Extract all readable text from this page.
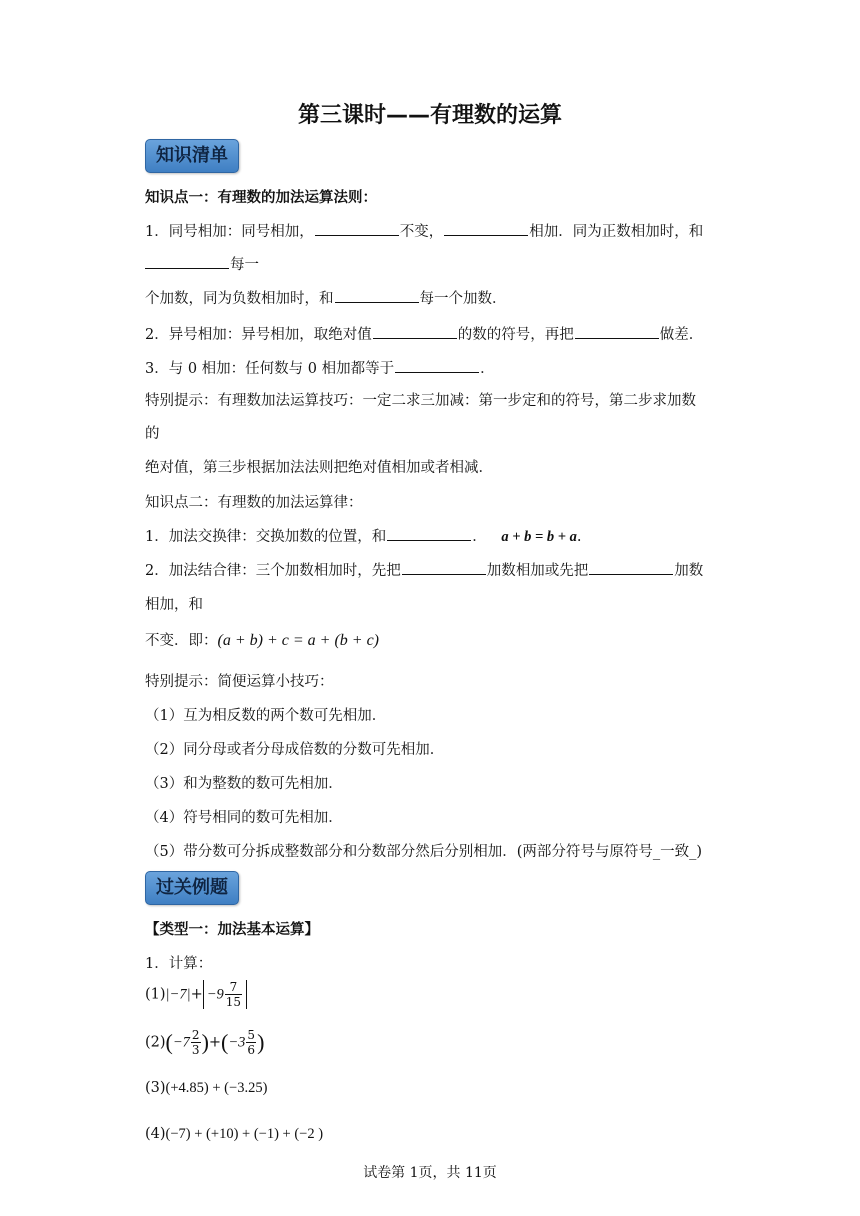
第三课时——有理数的运算
知识清单
知识点一：有理数的加法运算法则：
1．同号相加：同号相加，	不变，	相加．同为正数相加时，和
每一
个加数，同为负数相加时，和	每一个加数．
2．异号相加：异号相加，取绝对值	的数的符号，再把	做差．
3．与 0 相加：任何数与 0 相加都等于	．
特别提示：有理数加法运算技巧：一定二求三加减：第一步定和的符号，第二步求加数
的
绝对值，第三步根据加法法则把绝对值相加或者相减．
知识点二：有理数的加法运算律：
1．加法交换律：交换加数的位置，和	． a + b = b + a.
2．加法结合律：三个加数相加时，先把	加数相加或先把	加数
相加，和
不变．即：(a + b) + c = a + (b + c)
特别提示：简便运算小技巧：
（1）互为相反数的两个数可先相加．
（2）同分母或者分母成倍数的分数可先相加．
（3）和为整数的数可先相加．
（4）符号相同的数可先相加．
（5）带分数可分拆成整数部分和分数部分然后分别相加．(两部分符号与原符号_一致_)
过关例题
【类型一：加法基本运算】
1．计算：
$(1)|-7|+ -9 \frac{7}{15}$
$(2)(-7 \frac{2}{3} )+(-3 \frac{5}{6}$ )
(3)(+4.85) + (−3.25)
(4)(−7) + (+10) + (−1) + (−2 )
试卷第 1页，共 11页
